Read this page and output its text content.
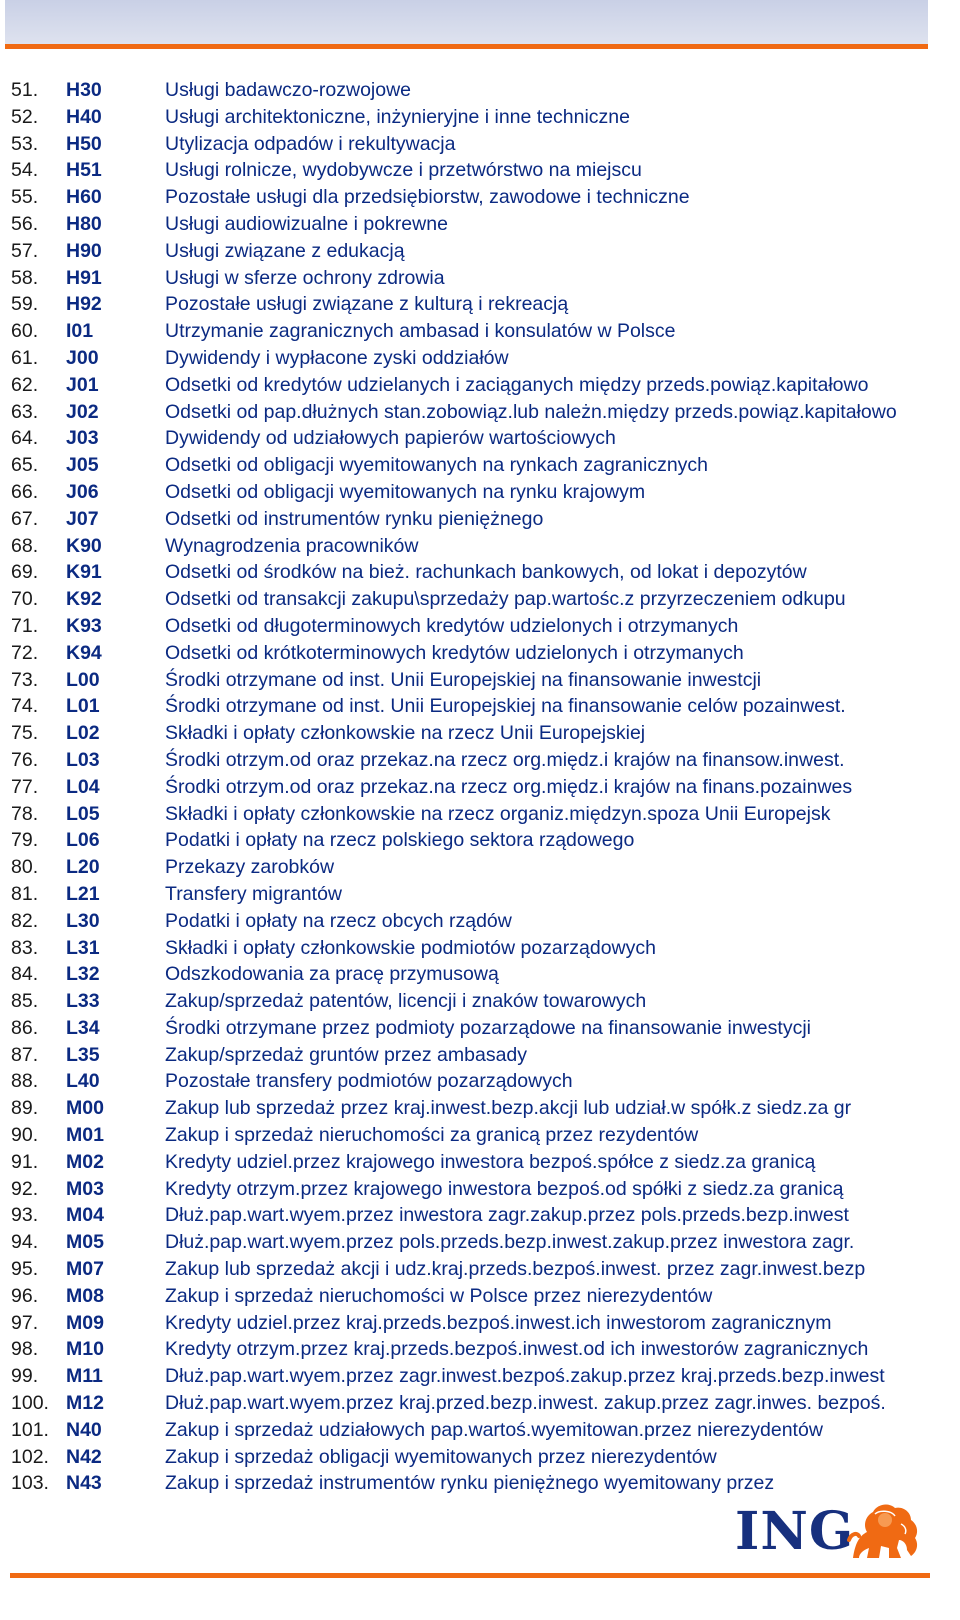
51. H30	Usługi badawczo-rozwojowe
52. H40	Usługi architektoniczne, inżynieryjne i inne techniczne
53. H50	Utylizacja odpadów i rekultywacja
54. H51	Usługi rolnicze, wydobywcze i przetwórstwo na miejscu
55. H60	Pozostałe usługi dla przedsiębiorstw, zawodowe i techniczne
56. H80	Usługi audiowizualne i pokrewne
57. H90	Usługi związane z edukacją
58. H91	Usługi w sferze ochrony zdrowia
59. H92	Pozostałe usługi związane z kulturą i rekreacją
60. I01	Utrzymanie zagranicznych ambasad i konsulatów w Polsce
61. J00	Dywidendy i wypłacone zyski oddziałów
62. J01	Odsetki od kredytów udzielanych i zaciąganych między przeds.powiąz.kapitałowo
63. J02	Odsetki od pap.dłużnych stan.zobowiąz.lub należn.między przeds.powiąz.kapitałowo
64. J03	Dywidendy od udziałowych papierów wartościowych
65. J05	Odsetki od obligacji wyemitowanych na rynkach zagranicznych
66. J06	Odsetki od obligacji wyemitowanych na rynku krajowym
67. J07	Odsetki od instrumentów rynku pieniężnego
68. K90	Wynagrodzenia pracowników
69. K91	Odsetki od środków na bież. rachunkach bankowych, od lokat i depozytów
70. K92	Odsetki od transakcji zakupu\sprzedaży pap.wartośc.z przyrzeczeniem odkupu
71. K93	Odsetki od długoterminowych kredytów udzielonych i otrzymanych
72. K94	Odsetki od krótkoterminowych kredytów udzielonych i otrzymanych
73. L00	Środki otrzymane od inst. Unii Europejskiej na finansowanie inwestcji
74. L01	Środki otrzymane od inst. Unii Europejskiej na finansowanie celów pozainwest.
75. L02	Składki i opłaty członkowskie na rzecz Unii Europejskiej
76. L03	Środki otrzym.od oraz przekaz.na rzecz org.międz.i krajów na finansow.inwest.
77. L04	Środki otrzym.od oraz przekaz.na rzecz org.międz.i krajów na finans.pozainwes
78. L05	Składki i opłaty członkowskie na rzecz organiz.międzyn.spoza Unii Europejsk
79. L06	Podatki i opłaty na rzecz polskiego sektora rządowego
80. L20	Przekazy zarobków
81. L21	Transfery migrantów
82. L30	Podatki i opłaty na rzecz obcych rządów
83. L31	Składki i opłaty członkowskie podmiotów pozarządowych
84. L32	Odszkodowania za pracę przymusową
85. L33	Zakup/sprzedaż patentów, licencji i znaków towarowych
86. L34	Środki otrzymane przez podmioty pozarządowe na finansowanie inwestycji
87. L35	Zakup/sprzedaż gruntów przez ambasady
88. L40	Pozostałe transfery podmiotów pozarządowych
89. M00	Zakup lub sprzedaż przez kraj.inwest.bezp.akcji lub udział.w spółk.z siedz.za gr
90. M01	Zakup i sprzedaż nieruchomości za granicą przez rezydentów
91. M02	Kredyty udziel.przez krajowego inwestora bezpoś.spółce z siedz.za granicą
92. M03	Kredyty otrzym.przez krajowego inwestora bezpoś.od spółki z siedz.za granicą
93. M04	Dłuż.pap.wart.wyem.przez inwestora zagr.zakup.przez pols.przeds.bezp.inwest
94. M05	Dłuż.pap.wart.wyem.przez pols.przeds.bezp.inwest.zakup.przez inwestora zagr.
95. M07	Zakup lub sprzedaż akcji i udz.kraj.przeds.bezpoś.inwest. przez zagr.inwest.bezp
96. M08	Zakup i sprzedaż nieruchomości w Polsce przez nierezydentów
97. M09	Kredyty udziel.przez kraj.przeds.bezpoś.inwest.ich inwestorom zagranicznym
98. M10	Kredyty otrzym.przez kraj.przeds.bezpoś.inwest.od ich inwestorów zagranicznych
99. M11	Dłuż.pap.wart.wyem.przez zagr.inwest.bezpoś.zakup.przez kraj.przeds.bezp.inwest
100. M12	Dłuż.pap.wart.wyem.przez kraj.przed.bezp.inwest. zakup.przez zagr.inwes. bezpoś.
101. N40	Zakup i sprzedaż udziałowych pap.wartoś.wyemitowan.przez nierezydentów
102. N42	Zakup i sprzedaż obligacji wyemitowanych przez nierezydentów
103. N43	Zakup i sprzedaż instrumentów rynku pieniężnego wyemitowany przez
ING
